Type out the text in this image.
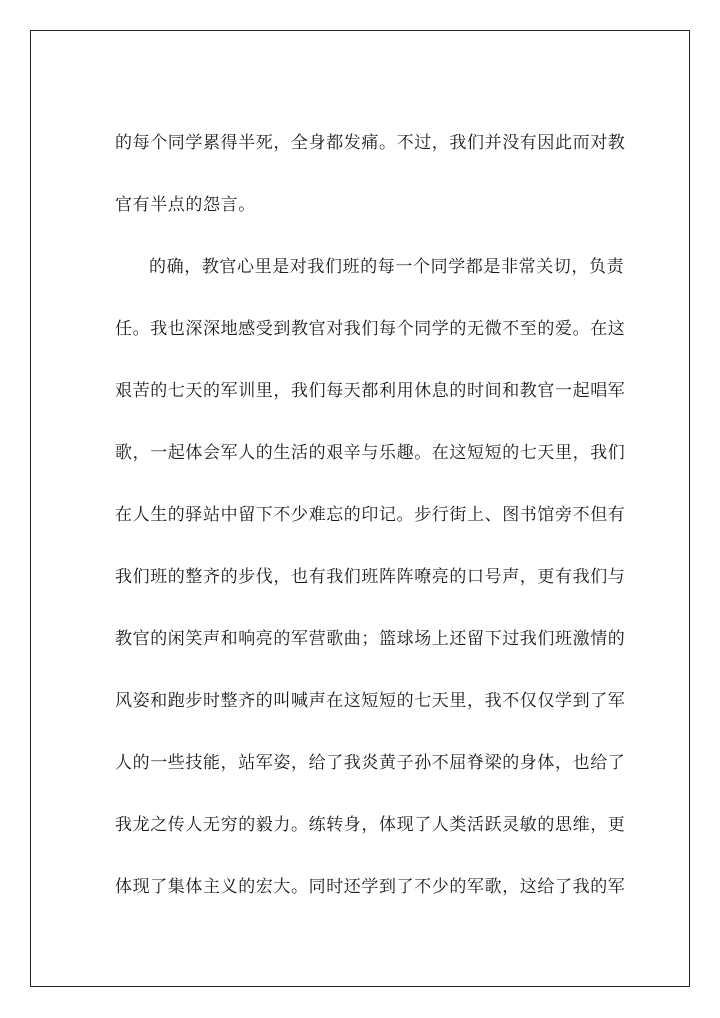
的每个同学累得半死，全身都发痛。不过，我们并没有因此而对教
官有半点的怨言。
的确，教官心里是对我们班的每一个同学都是非常关切，负责
任。我也深深地感受到教官对我们每个同学的无微不至的爱。在这
艰苦的七天的军训里，我们每天都利用休息的时间和教官一起唱军
歌，一起体会军人的生活的艰辛与乐趣。在这短短的七天里，我们
在人生的驿站中留下不少难忘的印记。步行街上、图书馆旁不但有
我们班的整齐的步伐，也有我们班阵阵嘹亮的口号声，更有我们与
教官的闲笑声和响亮的军营歌曲；篮球场上还留下过我们班激情的
风姿和跑步时整齐的叫喊声在这短短的七天里，我不仅仅学到了军
人的一些技能，站军姿，给了我炎黄子孙不屈脊梁的身体，也给了
我龙之传人无穷的毅力。练转身，体现了人类活跃灵敏的思维，更
体现了集体主义的宏大。同时还学到了不少的军歌，这给了我的军
